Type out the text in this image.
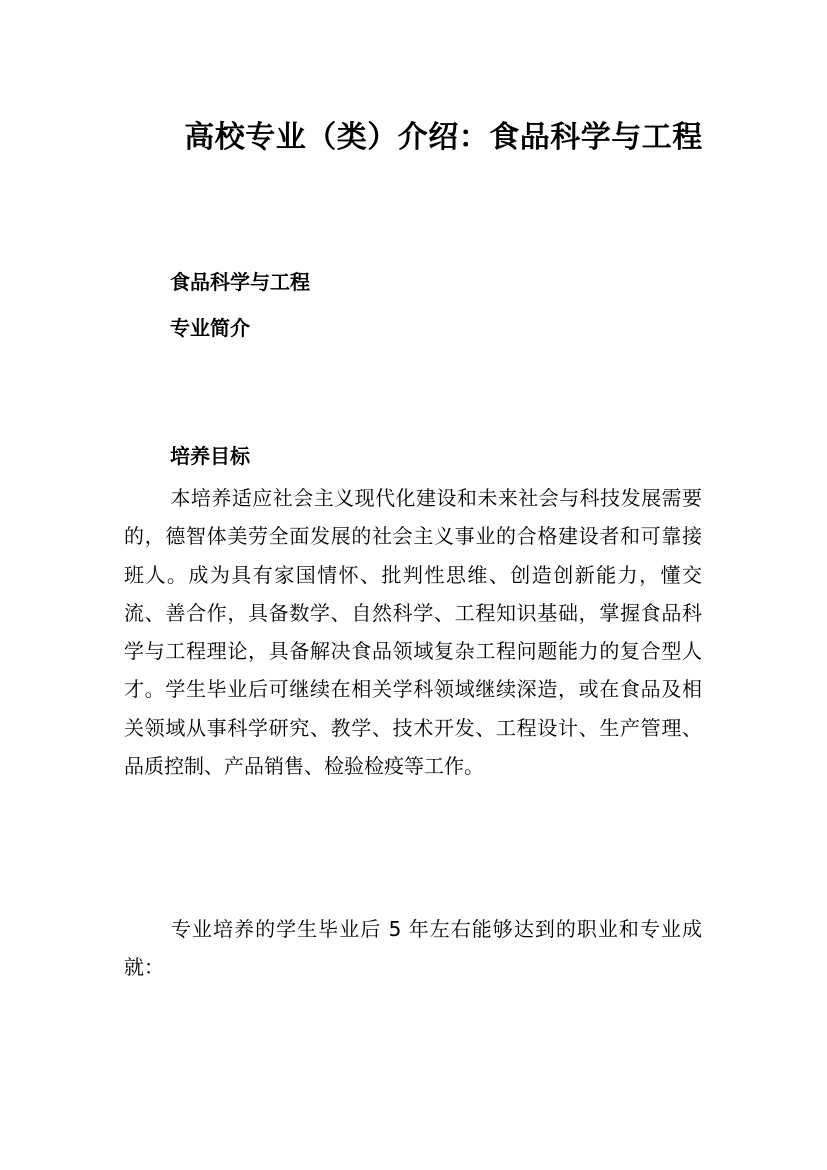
高校专业（类）介绍：食品科学与工程
食品科学与工程
专业简介
培养目标

本培养适应社会主义现代化建设和未来社会与科技发展需要的，德智体美劳全面发展的社会主义事业的合格建设者和可靠接班人。成为具有家国情怀、批判性思维、创造创新能力，懂交流、善合作，具备数学、自然科学、工程知识基础，掌握食品科学与工程理论，具备解决食品领域复杂工程问题能力的复合型人才。学生毕业后可继续在相关学科领域继续深造，或在食品及相关领域从事科学研究、教学、技术开发、工程设计、生产管理、品质控制、产品销售、检验检疫等工作。

专业培养的学生毕业后 5 年左右能够达到的职业和专业成就：
